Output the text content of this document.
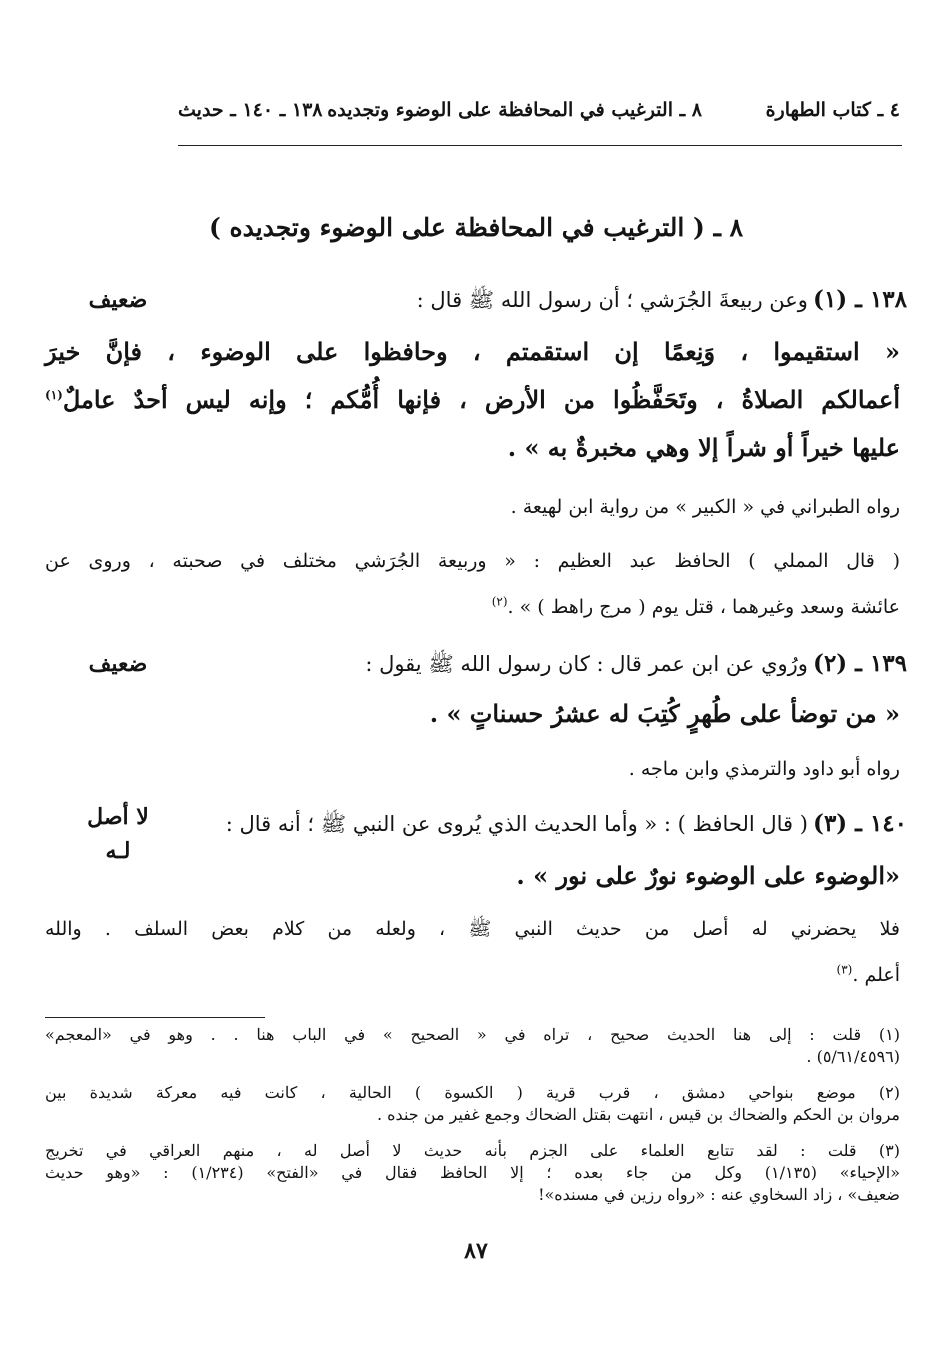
٤ ـ كتاب الطهارة
٨ ـ الترغيب في المحافظة على الوضوء وتجديده
١٣٨ ـ ١٤٠ ـ حديث
٨ ـ ( الترغيب في المحافظة على الوضوء وتجديده )
ضعيف	١٣٨ ـ (١) وعن ربيعةَ الجُرَشي ؛ أن رسول الله ﷺ قال :
« استقيموا ، وَنِعمًا إن استقمتم ، وحافظوا على الوضوء ، فإنَّ خيرَ
أعمالكم الصلاةُ ، وتَحَفَّظُوا من الأرض ، فإنها أُمُّكم ؛ وإنه ليس أحدٌ عاملٌ$^{(١)}$
عليها خيراً أو شراً إلا وهي مخبرةٌ به » .
رواه الطبراني في « الكبير » من رواية ابن لهيعة .
( قال المملي ) الحافظ عبد العظيم : « وربيعة الجُرَشي مختلف في صحبته ، وروى عن
عائشة وسعد وغيرهما ، قتل يوم ( مرج راهط ) » .$^{(٢)}$
ضعيف	١٣٩ ـ (٢) ورُوي عن ابن عمر قال : كان رسول الله ﷺ يقول :
« من توضأ على طُهرٍ كُتِبَ له عشرُ حسناتٍ » .
رواه أبو داود والترمذي وابن ماجه .
لا أصل
لـه
١٤٠ ـ (٣) ( قال الحافظ ) : « وأما الحديث الذي يُروى عن النبي ﷺ ؛ أنه قال :
«الوضوء على الوضوء نورٌ على نور » .
فلا يحضرني له أصل من حديث النبي ﷺ ، ولعله من كلام بعض السلف . والله
أعلم .$^{(٣)}$
(١) قلت : إلى هنا الحديث صحيح ، تراه في « الصحيح » في الباب هنا . . وهو في «المعجم»
(٥/٦١/٤٥٩٦) .
(٢) موضع بنواحي دمشق ، قرب قرية ( الكسوة ) الحالية ، كانت فيه معركة شديدة بين
مروان بن الحكم والضحاك بن قيس ، انتهت بقتل الضحاك وجمع غفير من جنده .
(٣) قلت : لقد تتابع العلماء على الجزم بأنه حديث لا أصل له ، منهم العراقي في تخريج
«الإحياء» (١/١٣٥) وكل من جاء بعده ؛ إلا الحافظ فقال في «الفتح» (١/٢٣٤) : «وهو حديث
ضعيف» ، زاد السخاوي عنه : «رواه رزين في مسنده»!
٨٧
